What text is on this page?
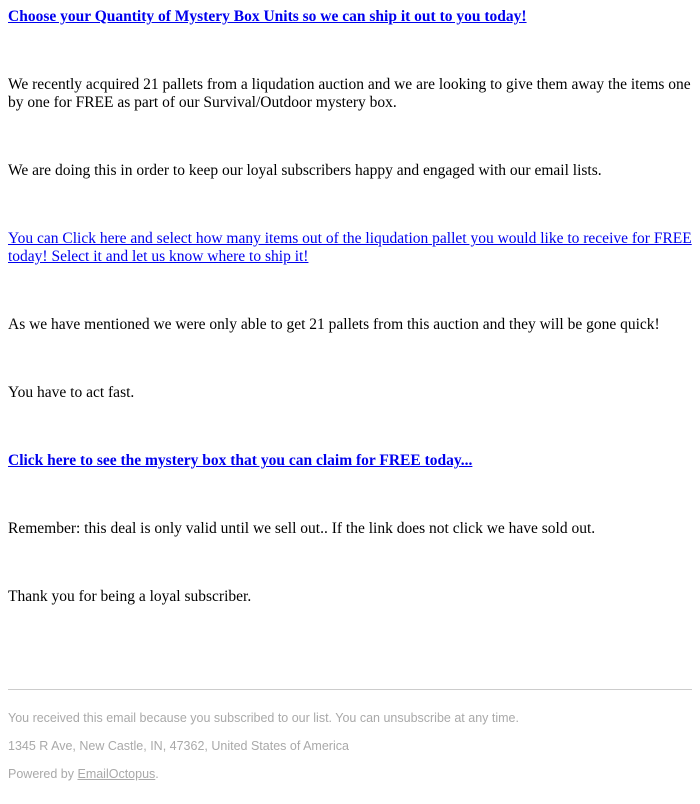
Choose your Quantity of Mystery Box Units so we can ship it out to you today!

We recently acquired 21 pallets from a liqudation auction and we are looking to give them away the items one by one for FREE as part of our Survival/Outdoor mystery box.

We are doing this in order to keep our loyal subscribers happy and engaged with our email lists.

You can Click here and select how many items out of the liqudation pallet you would like to receive for FREE today! Select it and let us know where to ship it!

As we have mentioned we were only able to get 21 pallets from this auction and they will be gone quick!

You have to act fast.

Click here to see the mystery box that you can claim for FREE today...

Remember: this deal is only valid until we sell out.. If the link does not click we have sold out.

Thank you for being a loyal subscriber.

You received this email because you subscribed to our list. You can unsubscribe at any time.

1345 R Ave, New Castle, IN, 47362, United States of America

Powered by EmailOctopus.
